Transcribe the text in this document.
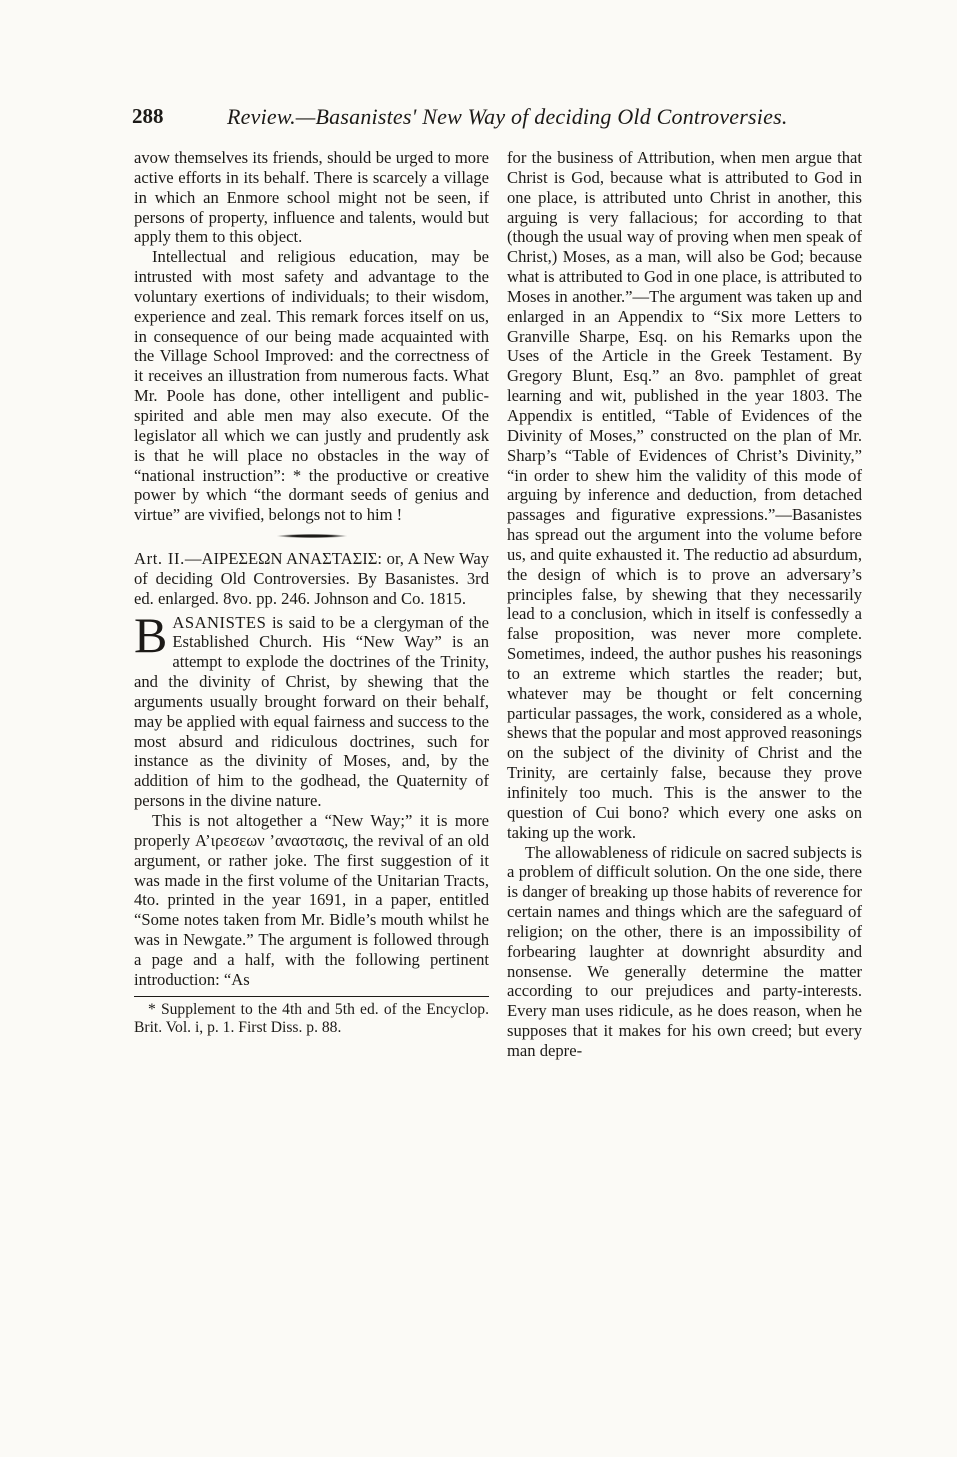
288	Review.—Basanistes' New Way of deciding Old Controversies.

avow themselves its friends, should be urged to more active efforts in its behalf. There is scarcely a village in which an Enmore school might not be seen, if persons of property, influence and talents, would but apply them to this object.

Intellectual and religious education, may be intrusted with most safety and advantage to the voluntary exertions of individuals; to their wisdom, experience and zeal. This remark forces itself on us, in consequence of our being made acquainted with the Village School Improved: and the correctness of it receives an illustration from numerous facts. What Mr. Poole has done, other intelligent and public-spirited and able men may also execute. Of the legislator all which we can justly and prudently ask is that he will place no obstacles in the way of “national instruction”: * the productive or creative power by which “the dormant seeds of genius and virtue” are vivified, belongs not to him !

Art. II.—ΑΙΡΕΣΕΩΝ ΑΝΑΣΤΑΣΙΣ: or, A New Way of deciding Old Controversies. By Basanistes. 3rd ed. enlarged. 8vo. pp. 246. Johnson and Co. 1815.

BASANISTES is said to be a clergyman of the Established Church. His “New Way” is an attempt to explode the doctrines of the Trinity, and the divinity of Christ, by shewing that the arguments usually brought forward on their behalf, may be applied with equal fairness and success to the most absurd and ridiculous doctrines, such for instance as the divinity of Moses, and, by the addition of him to the godhead, the Quaternity of persons in the divine nature.

This is not altogether a “New Way;” it is more properly Α’ιρεσεων ’αναστασις, the revival of an old argument, or rather joke. The first suggestion of it was made in the first volume of the Unitarian Tracts, 4to. printed in the year 1691, in a paper, entitled “Some notes taken from Mr. Bidle’s mouth whilst he was in Newgate.” The argument is followed through a page and a half, with the following pertinent introduction: “As

* Supplement to the 4th and 5th ed. of the Encyclop. Brit. Vol. i, p. 1. First Diss. p. 88.

for the business of Attribution, when men argue that Christ is God, because what is attributed to God in one place, is attributed unto Christ in another, this arguing is very fallacious; for according to that (though the usual way of proving when men speak of Christ,) Moses, as a man, will also be God; because what is attributed to God in one place, is attributed to Moses in another.”—The argument was taken up and enlarged in an Appendix to “Six more Letters to Granville Sharpe, Esq. on his Remarks upon the Uses of the Article in the Greek Testament. By Gregory Blunt, Esq.” an 8vo. pamphlet of great learning and wit, published in the year 1803. The Appendix is entitled, “Table of Evidences of the Divinity of Moses,” constructed on the plan of Mr. Sharp’s “Table of Evidences of Christ’s Divinity,” “in order to shew him the validity of this mode of arguing by inference and deduction, from detached passages and figurative expressions.”—Basanistes has spread out the argument into the volume before us, and quite exhausted it. The reductio ad absurdum, the design of which is to prove an adversary’s principles false, by shewing that they necessarily lead to a conclusion, which in itself is confessedly a false proposition, was never more complete. Sometimes, indeed, the author pushes his reasonings to an extreme which startles the reader; but, whatever may be thought or felt concerning particular passages, the work, considered as a whole, shews that the popular and most approved reasonings on the subject of the divinity of Christ and the Trinity, are certainly false, because they prove infinitely too much. This is the answer to the question of Cui bono? which every one asks on taking up the work.

The allowableness of ridicule on sacred subjects is a problem of difficult solution. On the one side, there is danger of breaking up those habits of reverence for certain names and things which are the safeguard of religion; on the other, there is an impossibility of forbearing laughter at downright absurdity and nonsense. We generally determine the matter according to our prejudices and party-interests. Every man uses ridicule, as he does reason, when he supposes that it makes for his own creed; but every man depre-
